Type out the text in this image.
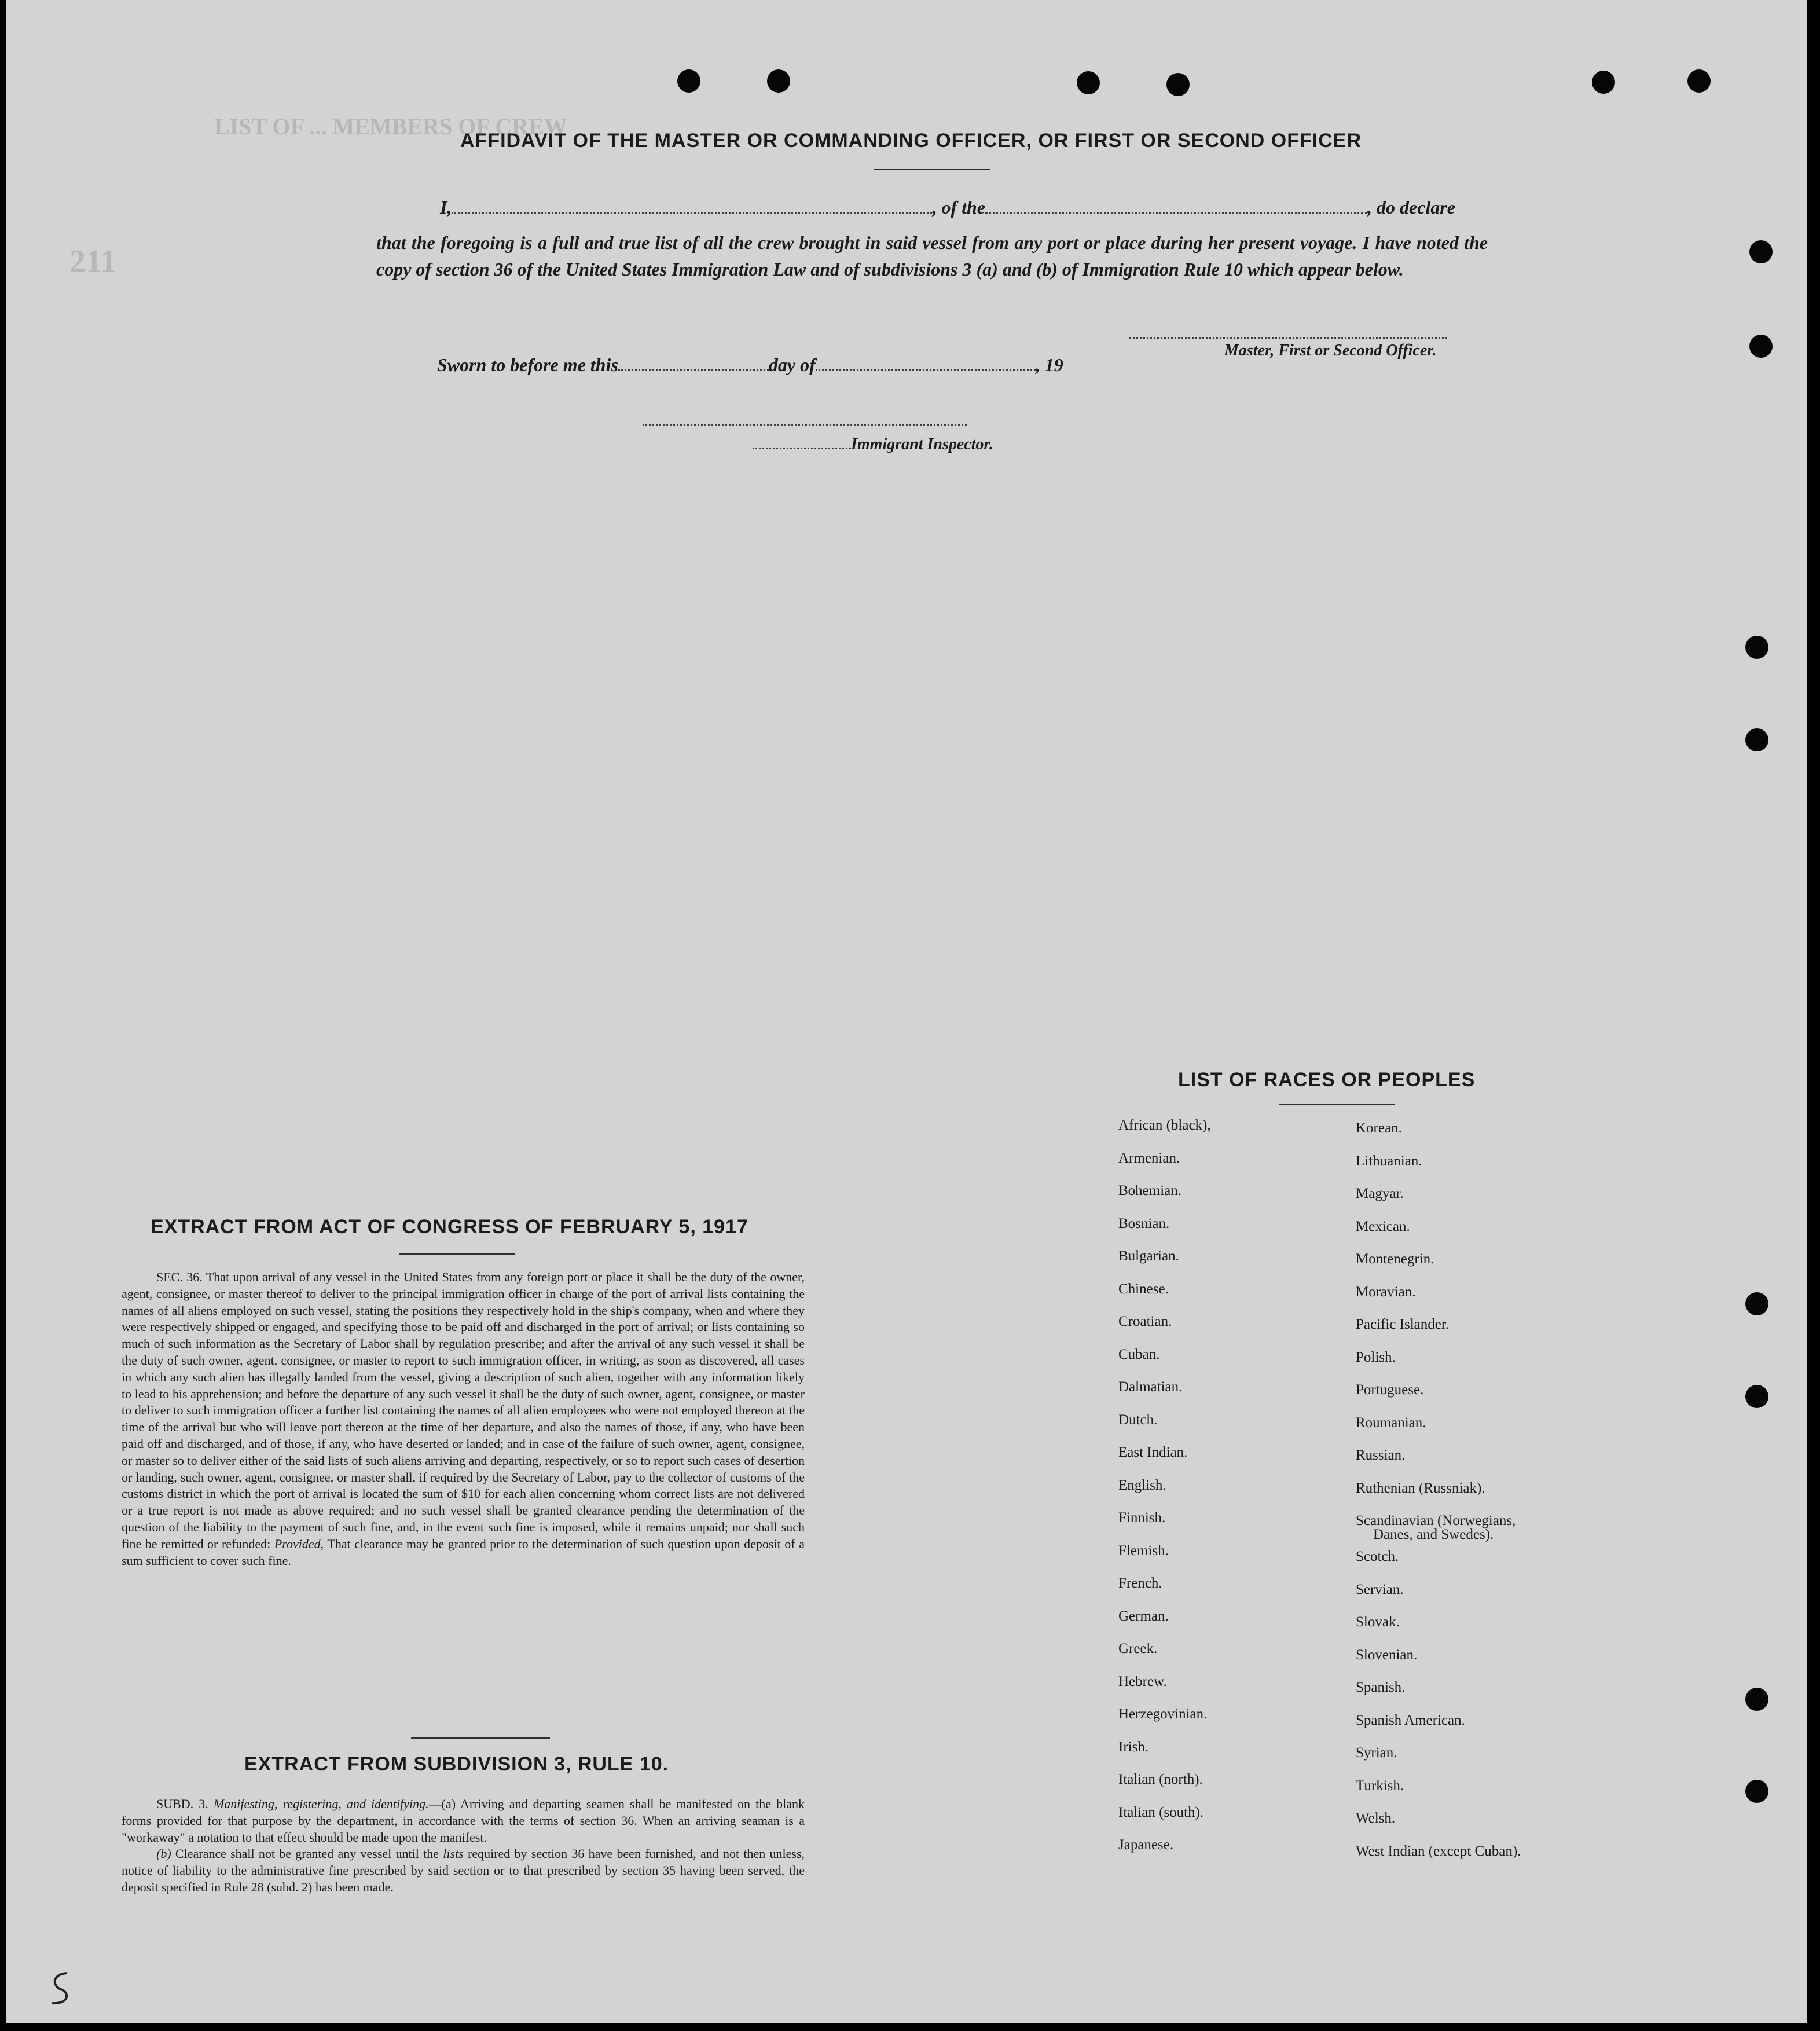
LIST OF ... MEMBERS OF CREW
211
AFFIDAVIT OF THE MASTER OR COMMANDING OFFICER, OR FIRST OR SECOND OFFICER
I,	, of the	, do declare
that the foregoing is a full and true list of all the crew brought in said vessel from any port or place during her present voyage. I have noted the copy of section 36 of the United States Immigration Law and of subdivisions 3 (a) and (b) of Immigration Rule 10 which appear below.
Master, First or Second Officer.
Sworn to before me this	day of	, 19
Immigrant Inspector.
LIST OF RACES OR PEOPLES
African (black),
Armenian.
Bohemian.
Bosnian.
Bulgarian.
Chinese.
Croatian.
Cuban.
Dalmatian.
Dutch.
East Indian.
English.
Finnish.
Flemish.
French.
German.
Greek.
Hebrew.
Herzegovinian.
Irish.
Italian (north).
Italian (south).
Japanese.
Korean.
Lithuanian.
Magyar.
Mexican.
Montenegrin.
Moravian.
Pacific Islander.
Polish.
Portuguese.
Roumanian.
Russian.
Ruthenian (Russniak).
Scandinavian (Norwegians,
Danes, and Swedes).
Scotch.
Servian.
Slovak.
Slovenian.
Spanish.
Spanish American.
Syrian.
Turkish.
Welsh.
West Indian (except Cuban).
EXTRACT FROM ACT OF CONGRESS OF FEBRUARY 5, 1917

SEC. 36. That upon arrival of any vessel in the United States from any foreign port or place it shall be the duty of the owner, agent, consignee, or master thereof to deliver to the principal immigration officer in charge of the port of arrival lists containing the names of all aliens employed on such vessel, stating the positions they respectively hold in the ship's company, when and where they were respectively shipped or engaged, and specifying those to be paid off and discharged in the port of arrival; or lists containing so much of such information as the Secretary of Labor shall by regulation prescribe; and after the arrival of any such vessel it shall be the duty of such owner, agent, consignee, or master to report to such immigration officer, in writing, as soon as discovered, all cases in which any such alien has illegally landed from the vessel, giving a description of such alien, together with any information likely to lead to his apprehension; and before the departure of any such vessel it shall be the duty of such owner, agent, consignee, or master to deliver to such immigration officer a further list containing the names of all alien employees who were not employed thereon at the time of the arrival but who will leave port thereon at the time of her departure, and also the names of those, if any, who have been paid off and discharged, and of those, if any, who have deserted or landed; and in case of the failure of such owner, agent, consignee, or master so to deliver either of the said lists of such aliens arriving and departing, respectively, or so to report such cases of desertion or landing, such owner, agent, consignee, or master shall, if required by the Secretary of Labor, pay to the collector of customs of the customs district in which the port of arrival is located the sum of $10 for each alien concerning whom correct lists are not delivered or a true report is not made as above required; and no such vessel shall be granted clearance pending the determination of the question of the liability to the payment of such fine, and, in the event such fine is imposed, while it remains unpaid; nor shall such fine be remitted or refunded: Provided, That clearance may be granted prior to the determination of such question upon deposit of a sum sufficient to cover such fine.

EXTRACT FROM SUBDIVISION 3, RULE 10.

SUBD. 3. Manifesting, registering, and identifying.—(a) Arriving and departing seamen shall be manifested on the blank forms provided for that purpose by the department, in accordance with the terms of section 36. When an arriving seaman is a "workaway" a notation to that effect should be made upon the manifest.

(b) Clearance shall not be granted any vessel until the lists required by section 36 have been furnished, and not then unless, notice of liability to the administrative fine prescribed by said section or to that prescribed by section 35 having been served, the deposit specified in Rule 28 (subd. 2) has been made.
